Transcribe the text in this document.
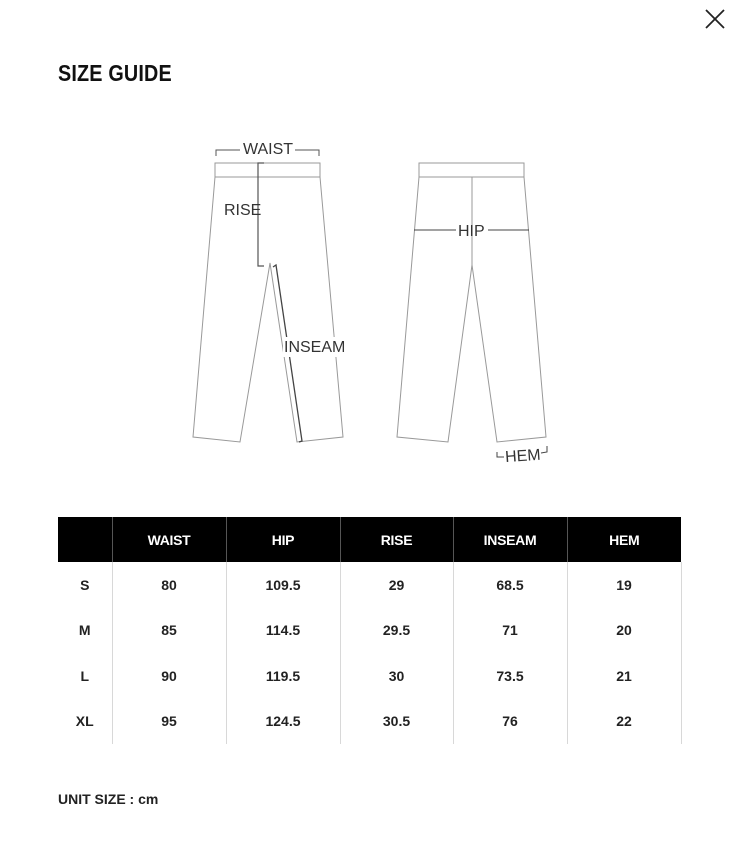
SIZE GUIDE
WAIST
RISE
INSEAM
HIP
HEM
	WAIST	HIP	RISE	INSEAM	HEM
S	80	109.5	29	68.5	19
M	85	114.5	29.5	71	20
L	90	119.5	30	73.5	21
XL	95	124.5	30.5	76	22

UNIT SIZE : cm
